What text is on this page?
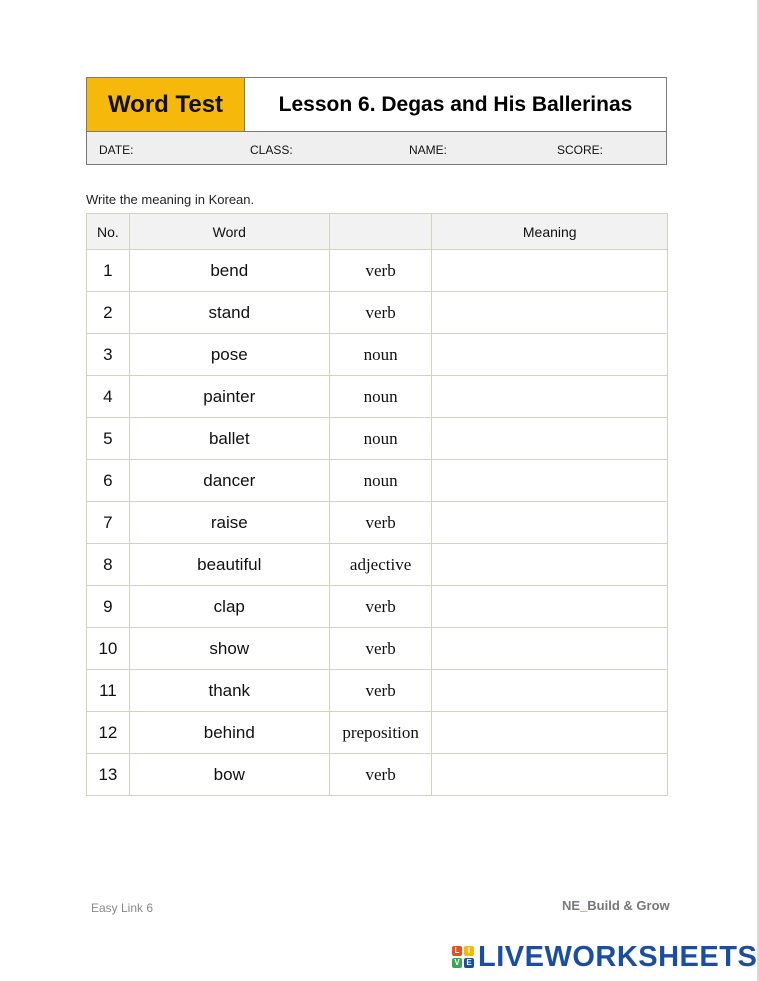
Word Test	Lesson 6. Degas and His Ballerinas
DATE:	CLASS:	NAME:	SCORE:
Write the meaning in Korean.
No.	Word		Meaning
1	bend	verb	
2	stand	verb	
3	pose	noun	
4	painter	noun	
5	ballet	noun	
6	dancer	noun	
7	raise	verb	
8	beautiful	adjective	
9	clap	verb	
10	show	verb	
11	thank	verb	
12	behind	preposition	
13	bow	verb	
Easy Link 6	NE_Build & Grow
L	I
V E LIVEWORKSHEETS
